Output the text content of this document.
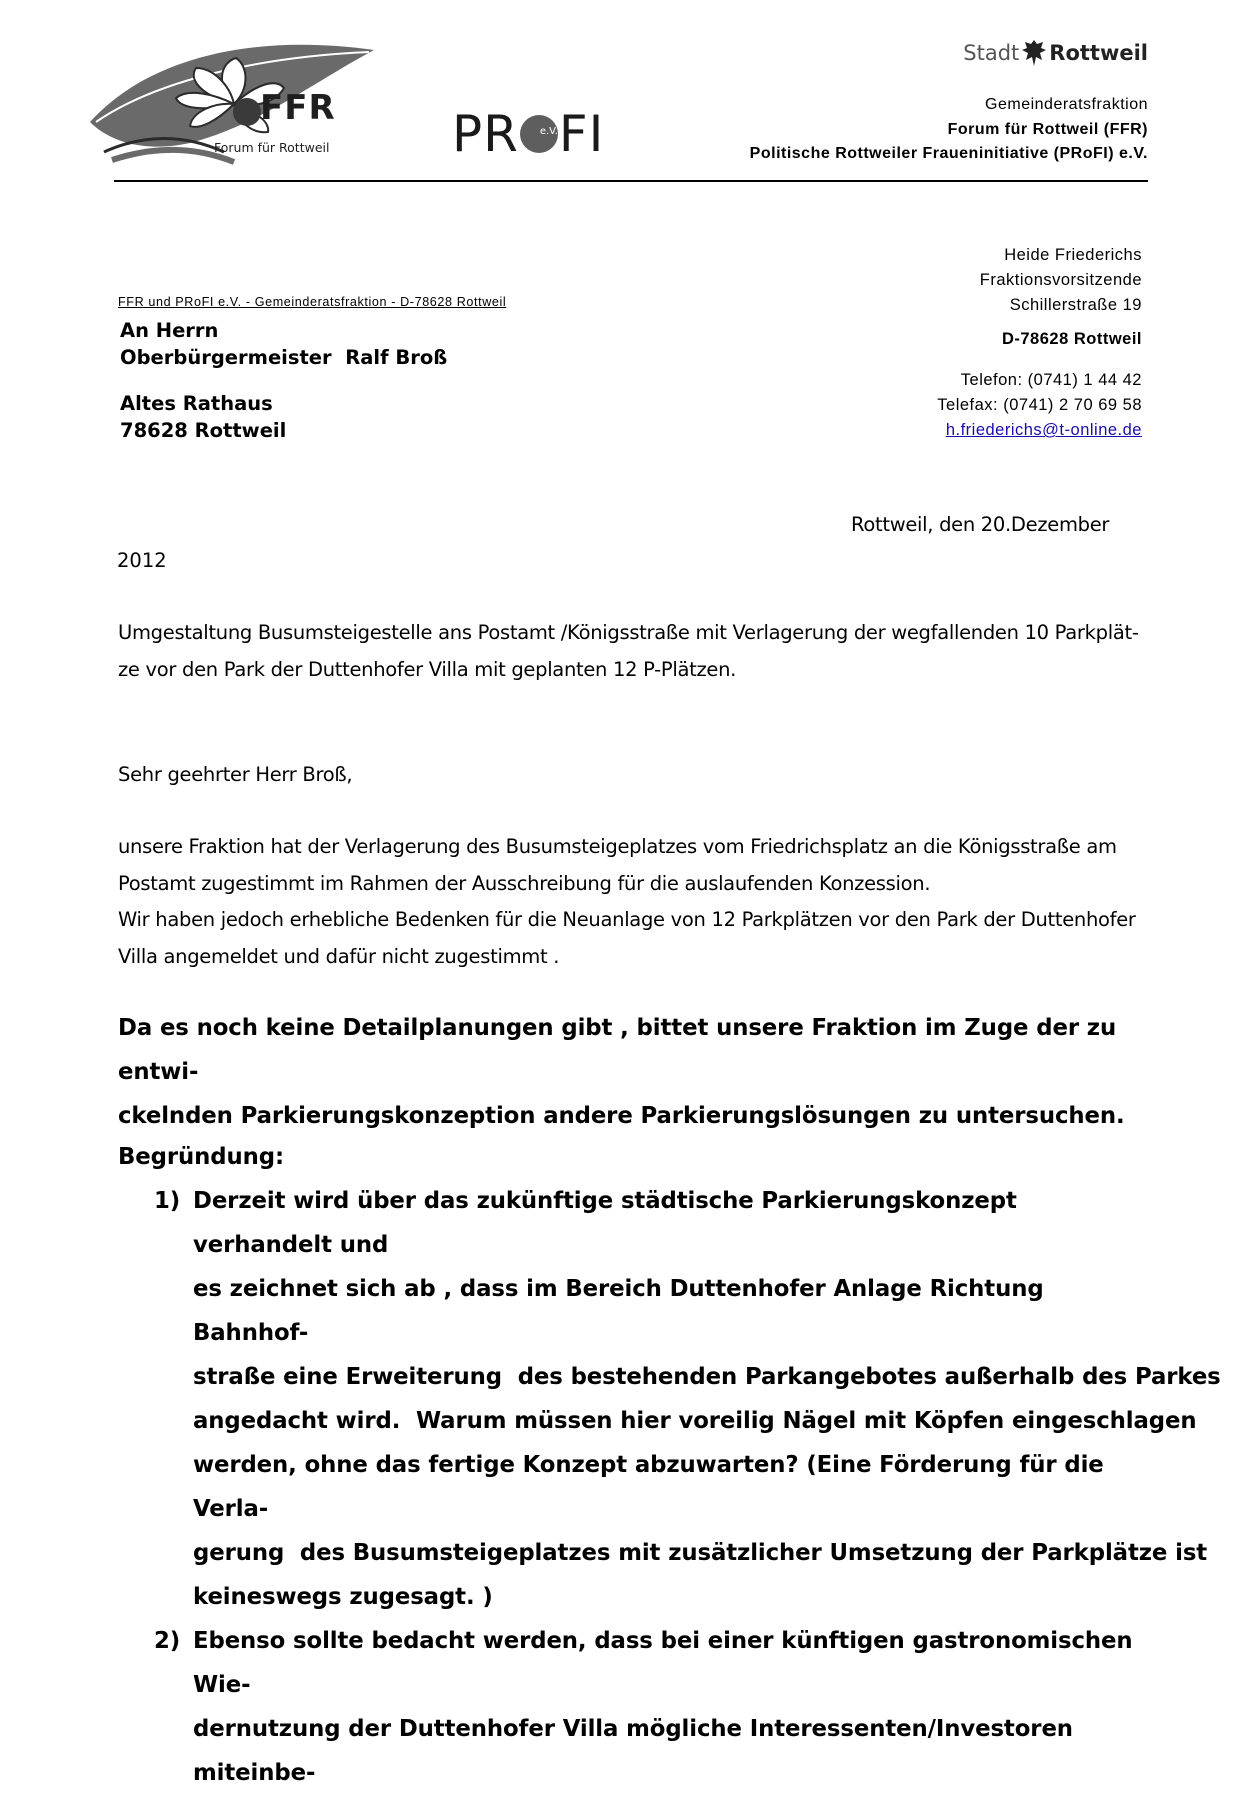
FFR
Forum für Rottweil PR e.V. FI
Stadt Rottweil
Gemeinderatsfraktion
Forum für Rottweil (FFR)
Politische Rottweiler Fraueninitiative (PRoFI) e.V.
Heide Friederichs
Fraktionsvorsitzende
Schillerstraße 19
D-78628 Rottweil
Telefon: (0741) 1 44 42
Telefax: (0741) 2 70 69 58
h.friederichs@t-online.de
FFR und PRoFI e.V. - Gemeinderatsfraktion - D-78628 Rottweil
An Herrn
Oberbürgermeister  Ralf Broß
Altes Rathaus
78628 Rottweil
Rottweil, den 20.Dezember
2012
Umgestaltung Busumsteigestelle ans Postamt /Königsstraße mit Verlagerung der wegfallenden 10 Parkplät-
ze vor den Park der Duttenhofer Villa mit geplanten 12 P-Plätzen.
Sehr geehrter Herr Broß,
unsere Fraktion hat der Verlagerung des Busumsteigeplatzes vom Friedrichsplatz an die Königsstraße am
Postamt zugestimmt im Rahmen der Ausschreibung für die auslaufenden Konzession.
Wir haben jedoch erhebliche Bedenken für die Neuanlage von 12 Parkplätzen vor den Park der Duttenhofer
Villa angemeldet und dafür nicht zugestimmt .
Da es noch keine Detailplanungen gibt , bittet unsere Fraktion im Zuge der zu entwi-
ckelnden Parkierungskonzeption andere Parkierungslösungen zu untersuchen.
Begründung:
1) Derzeit wird über das zukünftige städtische Parkierungskonzept verhandelt und
es zeichnet sich ab , dass im Bereich Duttenhofer Anlage Richtung Bahnhof-
straße eine Erweiterung  des bestehenden Parkangebotes außerhalb des Parkes
angedacht wird.  Warum müssen hier voreilig Nägel mit Köpfen eingeschlagen
werden, ohne das fertige Konzept abzuwarten? (Eine Förderung für die Verla-
gerung  des Busumsteigeplatzes mit zusätzlicher Umsetzung der Parkplätze ist
keineswegs zugesagt. )
2) Ebenso sollte bedacht werden, dass bei einer künftigen gastronomischen Wie-
dernutzung der Duttenhofer Villa mögliche Interessenten/Investoren miteinbe-
